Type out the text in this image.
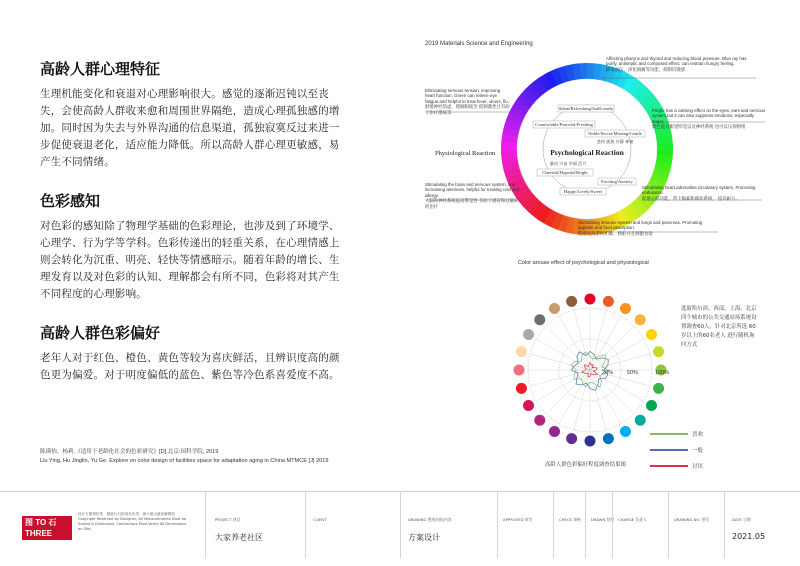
高龄人群心理特征
生理机能变化和衰退对心理影响很大。感觉的逐渐迟钝以至丧失，会使高龄人群收来愈和周围世界隔绝，造成心理孤独感的增加。同时因为失去与外界沟通的信息渠道，孤独寂寞反过来进一步促使衰退老化，适应能力降低。所以高龄人群心理更敏感，易产生不同情绪。
色彩感知
对色彩的感知除了物理学基础的色彩理论，也涉及到了环境学、心理学、行为学等学科。色彩传递出的轻重关系，在心理情感上则会转化为沉重、明亮、轻快等情感暗示。随着年龄的增长、生理发育以及对色彩的认知、理解都会有所不同，色彩将对其产生不同程度的心理影响。
高龄人群色彩偏好
老年人对于红色、橙色、黄色等较为喜庆鲜活，且辨识度高的颜色更为偏爱。对于明度偏低的蓝色、紫色等冷色系喜爱度不高。
陈瑛怡、杨莉.《适用于老龄化社会的色彩研究》[D].北京:国科学院, 2019
Liu Ying, Hu Jinglin, Yu Ge. Explore on color design of facilities space for adaptation aging in China MTMCE [J] 2019
2019 Materials Science and Engineering
Silent/Refreshing/Sad/Lonely
Comfortable/Peaceful/Freshing
Noble/Secret/Missing/Gentle
悲伤 孤独 冷静 神秘
激动 兴奋 幸福 活力
Cheerful/Hopeful/Bright
Exciting/Anxiety
Happy/Lively/Sweet
Psychological Reaction
Physiological Reaction
Affecting pharynx and thyroid and reducing blood pressure, Blue ray has purify, antiseptic and composed effect, can restrain hungry feeling.
降低血压，净化镇痛等功能，抑制饥饿感
Eliminating nervous tension, improving heart function. Green can relieve eye fatigue,and helpful to treat fever, ulcers, flu.
舒缓神经焦虑，缓解眼疲劳 低刺激性且有助于治疗溃疡等	Purple has a calming effect on the eyes, ears and nervous system,but it can also suppress emotions, especially anger.
紫色能对眼觉听觉以及神经系统 也可以压抑情绪
Stimulating the brain and nervous system, and increasing alertness, helpful for treating cold and allergy.
大脑和神经系统提高警觉性 有助于感冒和过敏症的治疗
Stimulating heart,adrenaline,circulatory system, Promoting endurance.
促进心脏功能，肾上腺素和循环系统， 提高耐力。
Stimulating immune system and lungs and pancreas. Promoting appetite and food absorption.
促进免疫系统和肺、胰脏并且刺激食欲
Color arouse effect of psychological and physiological
20%	50%	100%
选取哈尔滨、西部、上海、北京四个城市的公共交通站场系统设置调查60人，针对北京所选 60岁以上的60名老人 进行随机询问方式
喜欢
一般
讨厌
高龄人群色彩偏好程度调查结果图
图 TO 石 THREE
设计方图保权等，德致行行组成负负责，最小最大最佳解释权 Copyright Reserved by Designer, All Measurements Must be Scaled & Dimension, Contractors Must Verify All Dimensions on Site.
PROJECT 项目
大家养老社区
CLIENT	DRAWING 图纸名称/内容
方案设计
APPROVED 审定	CHECK 审核	DRAWN 绘图 CHARGE 负责人	DRAWING NO. 图号	DATE 日期
2021.05
